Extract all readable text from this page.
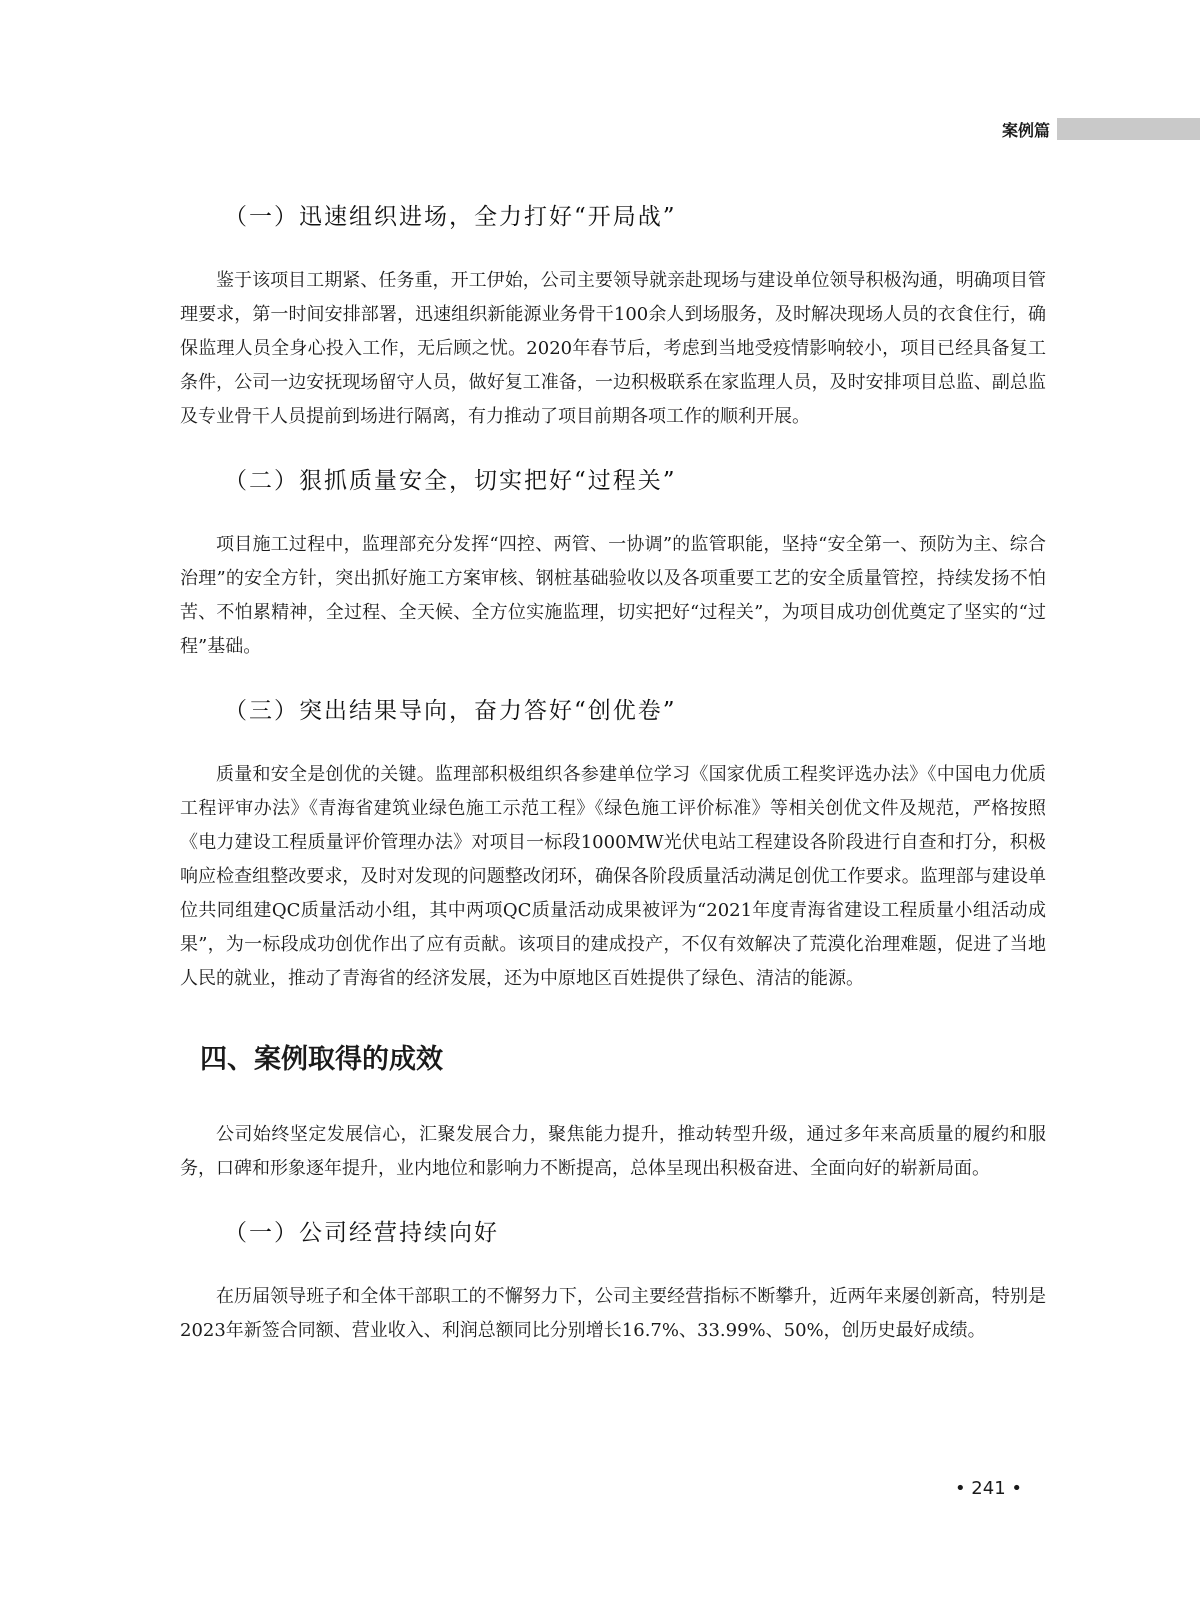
案例篇
（一）迅速组织进场，全力打好“开局战”

鉴于该项目工期紧、任务重，开工伊始，公司主要领导就亲赴现场与建设单位领导积极沟通，明确项目管理要求，第一时间安排部署，迅速组织新能源业务骨干100余人到场服务，及时解决现场人员的衣食住行，确保监理人员全身心投入工作，无后顾之忧。2020年春节后，考虑到当地受疫情影响较小，项目已经具备复工条件，公司一边安抚现场留守人员，做好复工准备，一边积极联系在家监理人员，及时安排项目总监、副总监及专业骨干人员提前到场进行隔离，有力推动了项目前期各项工作的顺利开展。

（二）狠抓质量安全，切实把好“过程关”

项目施工过程中，监理部充分发挥“四控、两管、一协调”的监管职能，坚持“安全第一、预防为主、综合治理”的安全方针，突出抓好施工方案审核、钢桩基础验收以及各项重要工艺的安全质量管控，持续发扬不怕苦、不怕累精神，全过程、全天候、全方位实施监理，切实把好“过程关”，为项目成功创优奠定了坚实的“过程”基础。

（三）突出结果导向，奋力答好“创优卷”

质量和安全是创优的关键。监理部积极组织各参建单位学习《国家优质工程奖评选办法》《中国电力优质工程评审办法》《青海省建筑业绿色施工示范工程》《绿色施工评价标准》等相关创优文件及规范，严格按照《电力建设工程质量评价管理办法》对项目一标段1000MW光伏电站工程建设各阶段进行自查和打分，积极响应检查组整改要求，及时对发现的问题整改闭环，确保各阶段质量活动满足创优工作要求。监理部与建设单位共同组建QC质量活动小组，其中两项QC质量活动成果被评为“2021年度青海省建设工程质量小组活动成果”，为一标段成功创优作出了应有贡献。该项目的建成投产，不仅有效解决了荒漠化治理难题，促进了当地人民的就业，推动了青海省的经济发展，还为中原地区百姓提供了绿色、清洁的能源。

四、案例取得的成效

公司始终坚定发展信心，汇聚发展合力，聚焦能力提升，推动转型升级，通过多年来高质量的履约和服务，口碑和形象逐年提升，业内地位和影响力不断提高，总体呈现出积极奋进、全面向好的崭新局面。

（一）公司经营持续向好

在历届领导班子和全体干部职工的不懈努力下，公司主要经营指标不断攀升，近两年来屡创新高，特别是2023年新签合同额、营业收入、利润总额同比分别增长16.7%、33.99%、50%，创历史最好成绩。

• 241 •
